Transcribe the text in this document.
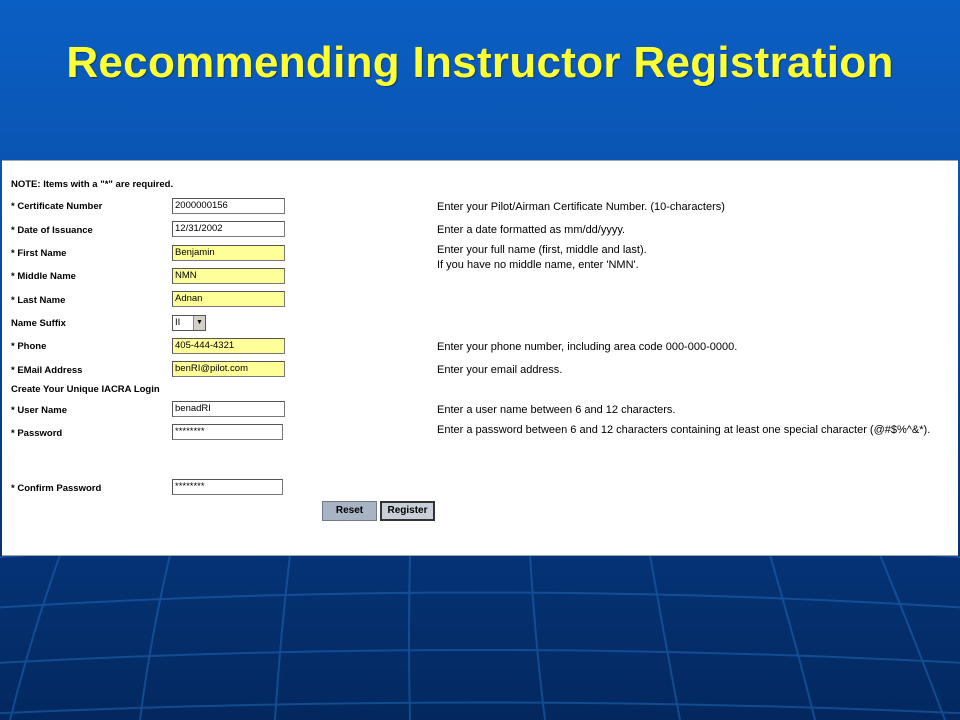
Recommending Instructor Registration
NOTE: Items with a "*" are required.
* Certificate Number	2000000156	Enter your Pilot/Airman Certificate Number. (10-characters)
* Date of Issuance	12/31/2002	Enter a date formatted as mm/dd/yyyy.
* First Name	Benjamin	Enter your full name (first, middle and last).
If you have no middle name, enter 'NMN'.
* Middle Name	NMN
* Last Name	Adnan
Name Suffix	II	▼
* Phone	405-444-4321	Enter your phone number, including area code 000-000-0000.
* EMail Address	benRI@pilot.com	Enter your email address.
Create Your Unique IACRA Login
* User Name	benadRI	Enter a user name between 6 and 12 characters.
* Password	********	Enter a password between 6 and 12 characters containing at least one special character (@#$%^&*).
* Confirm Password	********
Reset	Register
